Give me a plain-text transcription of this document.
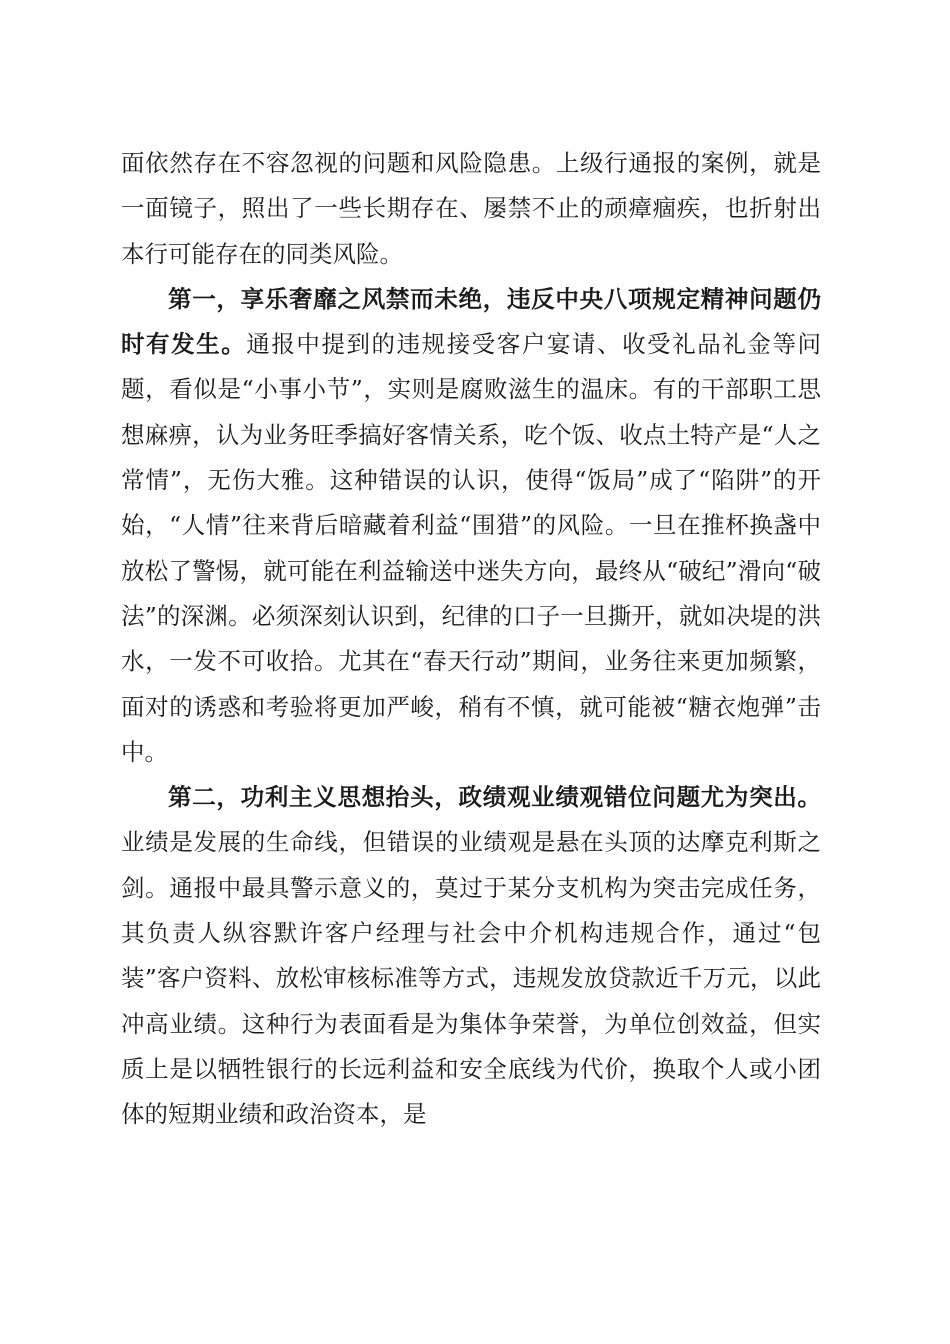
面依然存在不容忽视的问题和风险隐患。上级行通报的案例，就是一面镜子，照出了一些长期存在、屡禁不止的顽瘴痼疾，也折射出本行可能存在的同类风险。

第一，享乐奢靡之风禁而未绝，违反中央八项规定精神问题仍时有发生。通报中提到的违规接受客户宴请、收受礼品礼金等问题，看似是“小事小节”，实则是腐败滋生的温床。有的干部职工思想麻痹，认为业务旺季搞好客情关系，吃个饭、收点土特产是“人之常情”，无伤大雅。这种错误的认识，使得“饭局”成了“陷阱”的开始，“人情”往来背后暗藏着利益“围猎”的风险。一旦在推杯换盏中放松了警惕，就可能在利益输送中迷失方向，最终从“破纪”滑向“破法”的深渊。必须深刻认识到，纪律的口子一旦撕开，就如决堤的洪水，一发不可收拾。尤其在“春天行动”期间，业务往来更加频繁，面对的诱惑和考验将更加严峻，稍有不慎，就可能被“糖衣炮弹”击中。

第二，功利主义思想抬头，政绩观业绩观错位问题尤为突出。业绩是发展的生命线，但错误的业绩观是悬在头顶的达摩克利斯之剑。通报中最具警示意义的，莫过于某分支机构为突击完成任务，其负责人纵容默许客户经理与社会中介机构违规合作，通过“包装”客户资料、放松审核标准等方式，违规发放贷款近千万元，以此冲高业绩。这种行为表面看是为集体争荣誉，为单位创效益，但实质上是以牺牲银行的长远利益和安全底线为代价，换取个人或小团体的短期业绩和政治资本，是
